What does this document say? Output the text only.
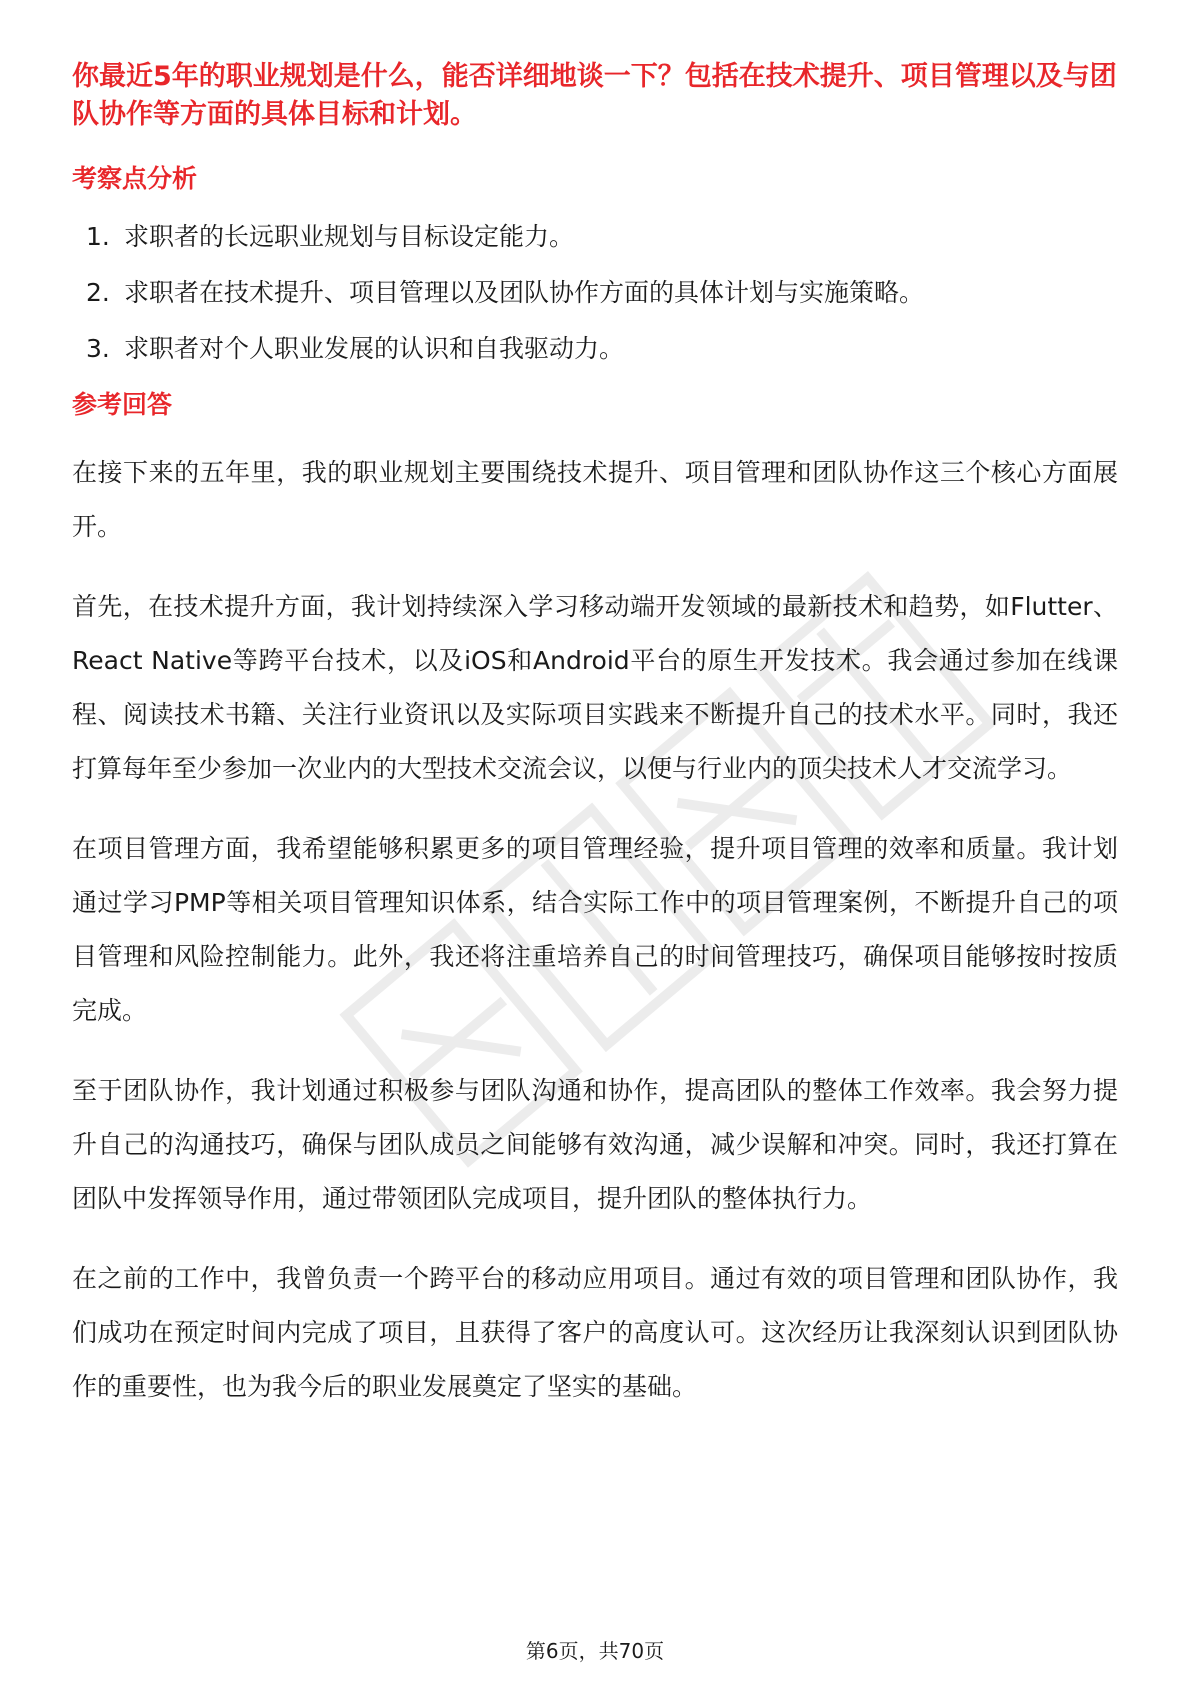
你最近5年的职业规划是什么，能否详细地谈一下？包括在技术提升、项目管理以及与团队协作等方面的具体目标和计划。

考察点分析
1. 求职者的长远职业规划与目标设定能力。
2. 求职者在技术提升、项目管理以及团队协作方面的具体计划与实施策略。
3. 求职者对个人职业发展的认识和自我驱动力。
参考回答

在接下来的五年里，我的职业规划主要围绕技术提升、项目管理和团队协作这三个核心方面展开。

首先，在技术提升方面，我计划持续深入学习移动端开发领域的最新技术和趋势，如Flutter、React Native等跨平台技术，以及iOS和Android平台的原生开发技术。我会通过参加在线课程、阅读技术书籍、关注行业资讯以及实际项目实践来不断提升自己的技术水平。同时，我还打算每年至少参加一次业内的大型技术交流会议，以便与行业内的顶尖技术人才交流学习。

在项目管理方面，我希望能够积累更多的项目管理经验，提升项目管理的效率和质量。我计划通过学习PMP等相关项目管理知识体系，结合实际工作中的项目管理案例，不断提升自己的项目管理和风险控制能力。此外，我还将注重培养自己的时间管理技巧，确保项目能够按时按质完成。

至于团队协作，我计划通过积极参与团队沟通和协作，提高团队的整体工作效率。我会努力提升自己的沟通技巧，确保与团队成员之间能够有效沟通，减少误解和冲突。同时，我还打算在团队中发挥领导作用，通过带领团队完成项目，提升团队的整体执行力。

在之前的工作中，我曾负责一个跨平台的移动应用项目。通过有效的项目管理和团队协作，我们成功在预定时间内完成了项目，且获得了客户的高度认可。这次经历让我深刻认识到团队协作的重要性，也为我今后的职业发展奠定了坚实的基础。

第6页，共70页
